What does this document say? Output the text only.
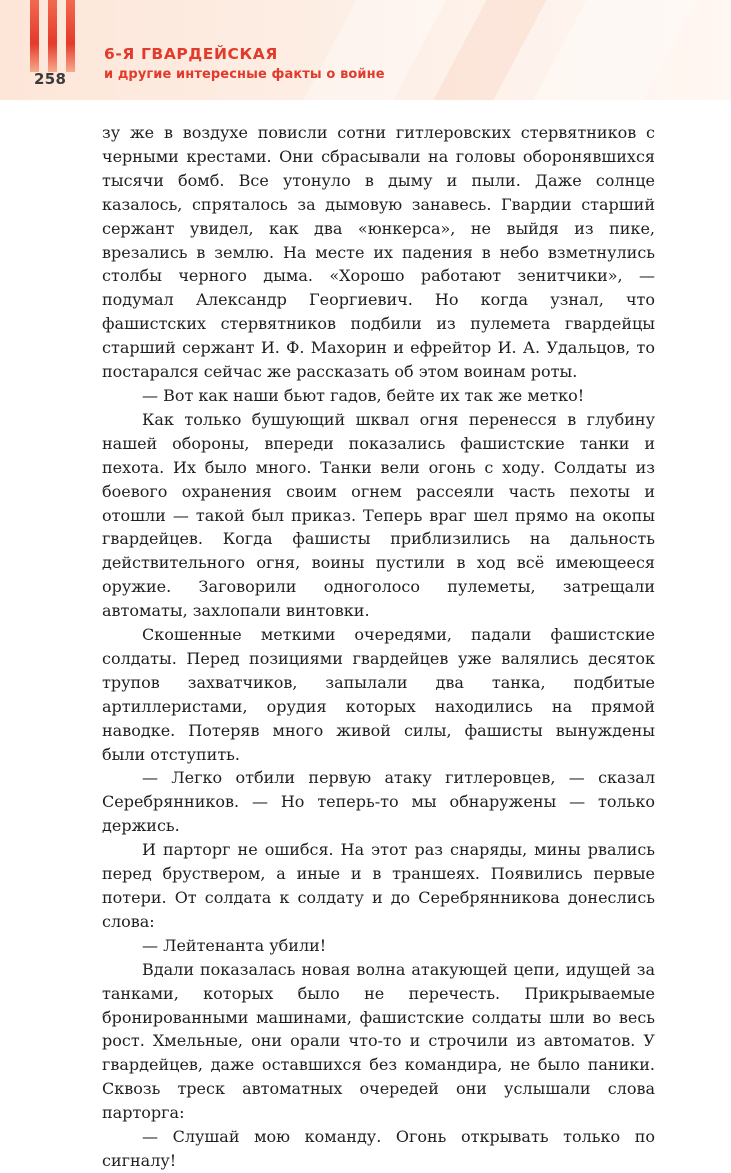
258
6-Я ГВАРДЕЙСКАЯ
и другие интересные факты о войне

зу же в воздухе повисли сотни гитлеровских стервятников с черными крестами. Они сбрасывали на головы оборонявшихся тысячи бомб. Все утонуло в дыму и пыли. Даже солнце казалось, спряталось за дымовую занавесь. Гвардии старший сержант увидел, как два «юнкерса», не выйдя из пике, врезались в землю. На месте их падения в небо взметнулись столбы черного дыма. «Хорошо работают зенитчики», — подумал Александр Георгиевич. Но когда узнал, что фашистских стервятников подбили из пулемета гвардейцы старший сержант И. Ф. Махорин и ефрейтор И. А. Удальцов, то постарался сейчас же рассказать об этом воинам роты.

— Вот как наши бьют гадов, бейте их так же метко!

Как только бушующий шквал огня перенесся в глубину нашей обороны, впереди показались фашистские танки и пехота. Их было много. Танки вели огонь с ходу. Солдаты из боевого охранения своим огнем рассеяли часть пехоты и отошли — такой был приказ. Теперь враг шел прямо на окопы гвардейцев. Когда фашисты приблизились на дальность действительного огня, воины пустили в ход всё имеющееся оружие. Заговорили одноголосо пулеметы, затрещали автоматы, захлопали винтовки.

Скошенные меткими очередями, падали фашистские солдаты. Перед позициями гвардейцев уже валялись десяток трупов захватчиков, запылали два танка, подбитые артиллеристами, орудия которых находились на прямой наводке. Потеряв много живой силы, фашисты вынуждены были отступить.

— Легко отбили первую атаку гитлеровцев, — сказал Серебрянников. — Но теперь-то мы обнаружены — только держись.

И парторг не ошибся. На этот раз снаряды, мины рвались перед бруствером, а иные и в траншеях. Появились первые потери. От солдата к солдату и до Серебрянникова донеслись слова:

— Лейтенанта убили!

Вдали показалась новая волна атакующей цепи, идущей за танками, которых было не перечесть. Прикрываемые бронированными машинами, фашистские солдаты шли во весь рост. Хмельные, они орали что-то и строчили из автоматов. У гвардейцев, даже оставшихся без командира, не было паники. Сквозь треск автоматных очередей они услышали слова парторга:

— Слушай мою команду. Огонь открывать только по сигналу!
